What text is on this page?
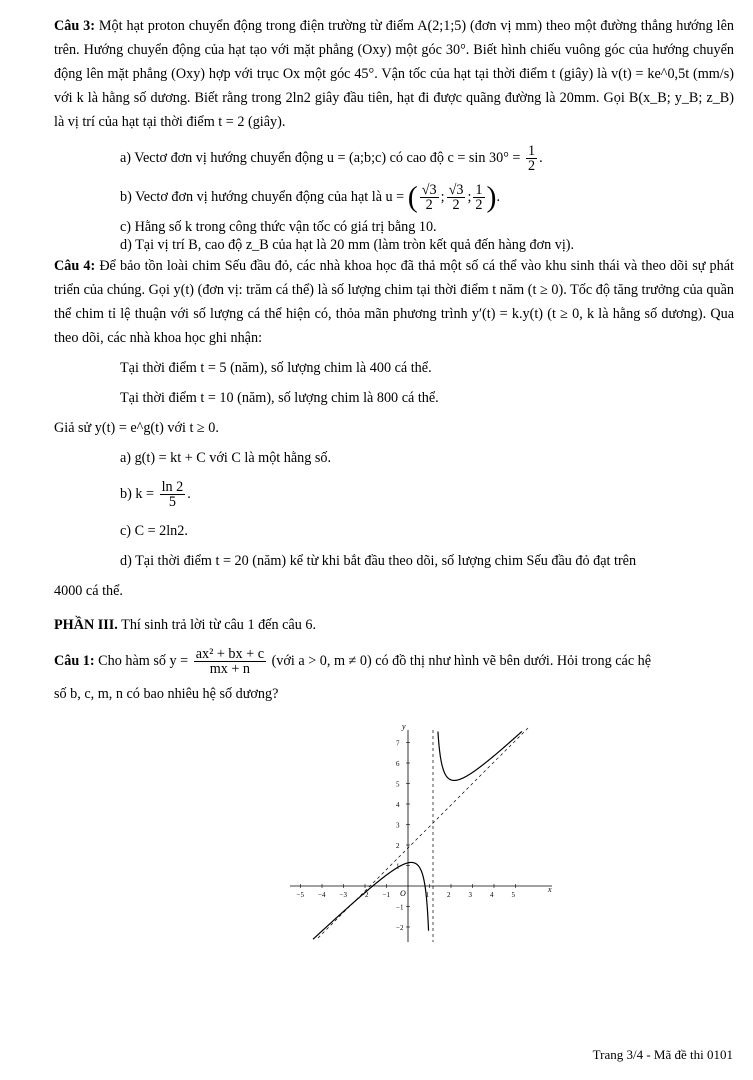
Câu 3: Một hạt proton chuyển động trong điện trường từ điểm A(2;1;5) (đơn vị mm) theo một đường thẳng hướng lên trên. Hướng chuyển động của hạt tạo với mặt phẳng (Oxy) một góc 30°. Biết hình chiếu vuông góc của hướng chuyển động lên mặt phẳng (Oxy) hợp với trục Ox một góc 45°. Vận tốc của hạt tại thời điểm t (giây) là v(t) = ke^0,5t (mm/s) với k là hằng số dương. Biết rằng trong 2ln2 giây đầu tiên, hạt đi được quãng đường là 20mm. Gọi B(x_B; y_B; z_B) là vị trí của hạt tại thời điểm t = 2 (giây).

a) Vectơ đơn vị hướng chuyển động u = (a;b;c) có cao độ $c = \sin 30^\circ = \frac{1}{2}$ .

b) Vectơ đơn vị hướng chuyển động của hạt là u = ( $\frac{√3}{2}$ ; $\frac{√3}{2}$ ; $\frac{1}{2}$ ).

c) Hằng số k trong công thức vận tốc có giá trị bằng 10.

d) Tại vị trí B, cao độ z_B của hạt là 20 mm (làm tròn kết quả đến hàng đơn vị).

Câu 4: Để bảo tồn loài chim Sếu đầu đỏ, các nhà khoa học đã thả một số cá thể vào khu sinh thái và theo dõi sự phát triển của chúng. Gọi y(t) (đơn vị: trăm cá thể) là số lượng chim tại thời điểm t năm (t ≥ 0). Tốc độ tăng trưởng của quần thể chim tỉ lệ thuận với số lượng cá thể hiện có, thỏa mãn phương trình y′(t) = k.y(t) (t ≥ 0, k là hằng số dương). Qua theo dõi, các nhà khoa học ghi nhận:

Tại thời điểm t = 5 (năm), số lượng chim là 400 cá thể.

Tại thời điểm t = 10 (năm), số lượng chim là 800 cá thể.

Giả sử y(t) = e^g(t) với t ≥ 0.

a) g(t) = kt + C với C là một hằng số.

b) $k = \frac{\ln 2}{5}$ .

c) C = 2ln2.

d) Tại thời điểm t = 20 (năm) kể từ khi bắt đầu theo dõi, số lượng chim Sếu đầu đỏ đạt trên

4000 cá thể.

PHẦN III. Thí sinh trả lời từ câu 1 đến câu 6.

Câu 1: Cho hàm số $y = \frac{\text{ax² + bx + c}}{mx + n}$ (với a > 0, m ≠ 0) có đồ thị như hình vẽ bên dưới. Hỏi trong các hệ

số b, c, m, n có bao nhiêu hệ số dương?

−5 −4 −3 −2 −1	1	2	3	4	5
7
6
5
4
3
2
1
−1
−2
x
y
O
Trang 3/4 - Mã đề thi 0101
